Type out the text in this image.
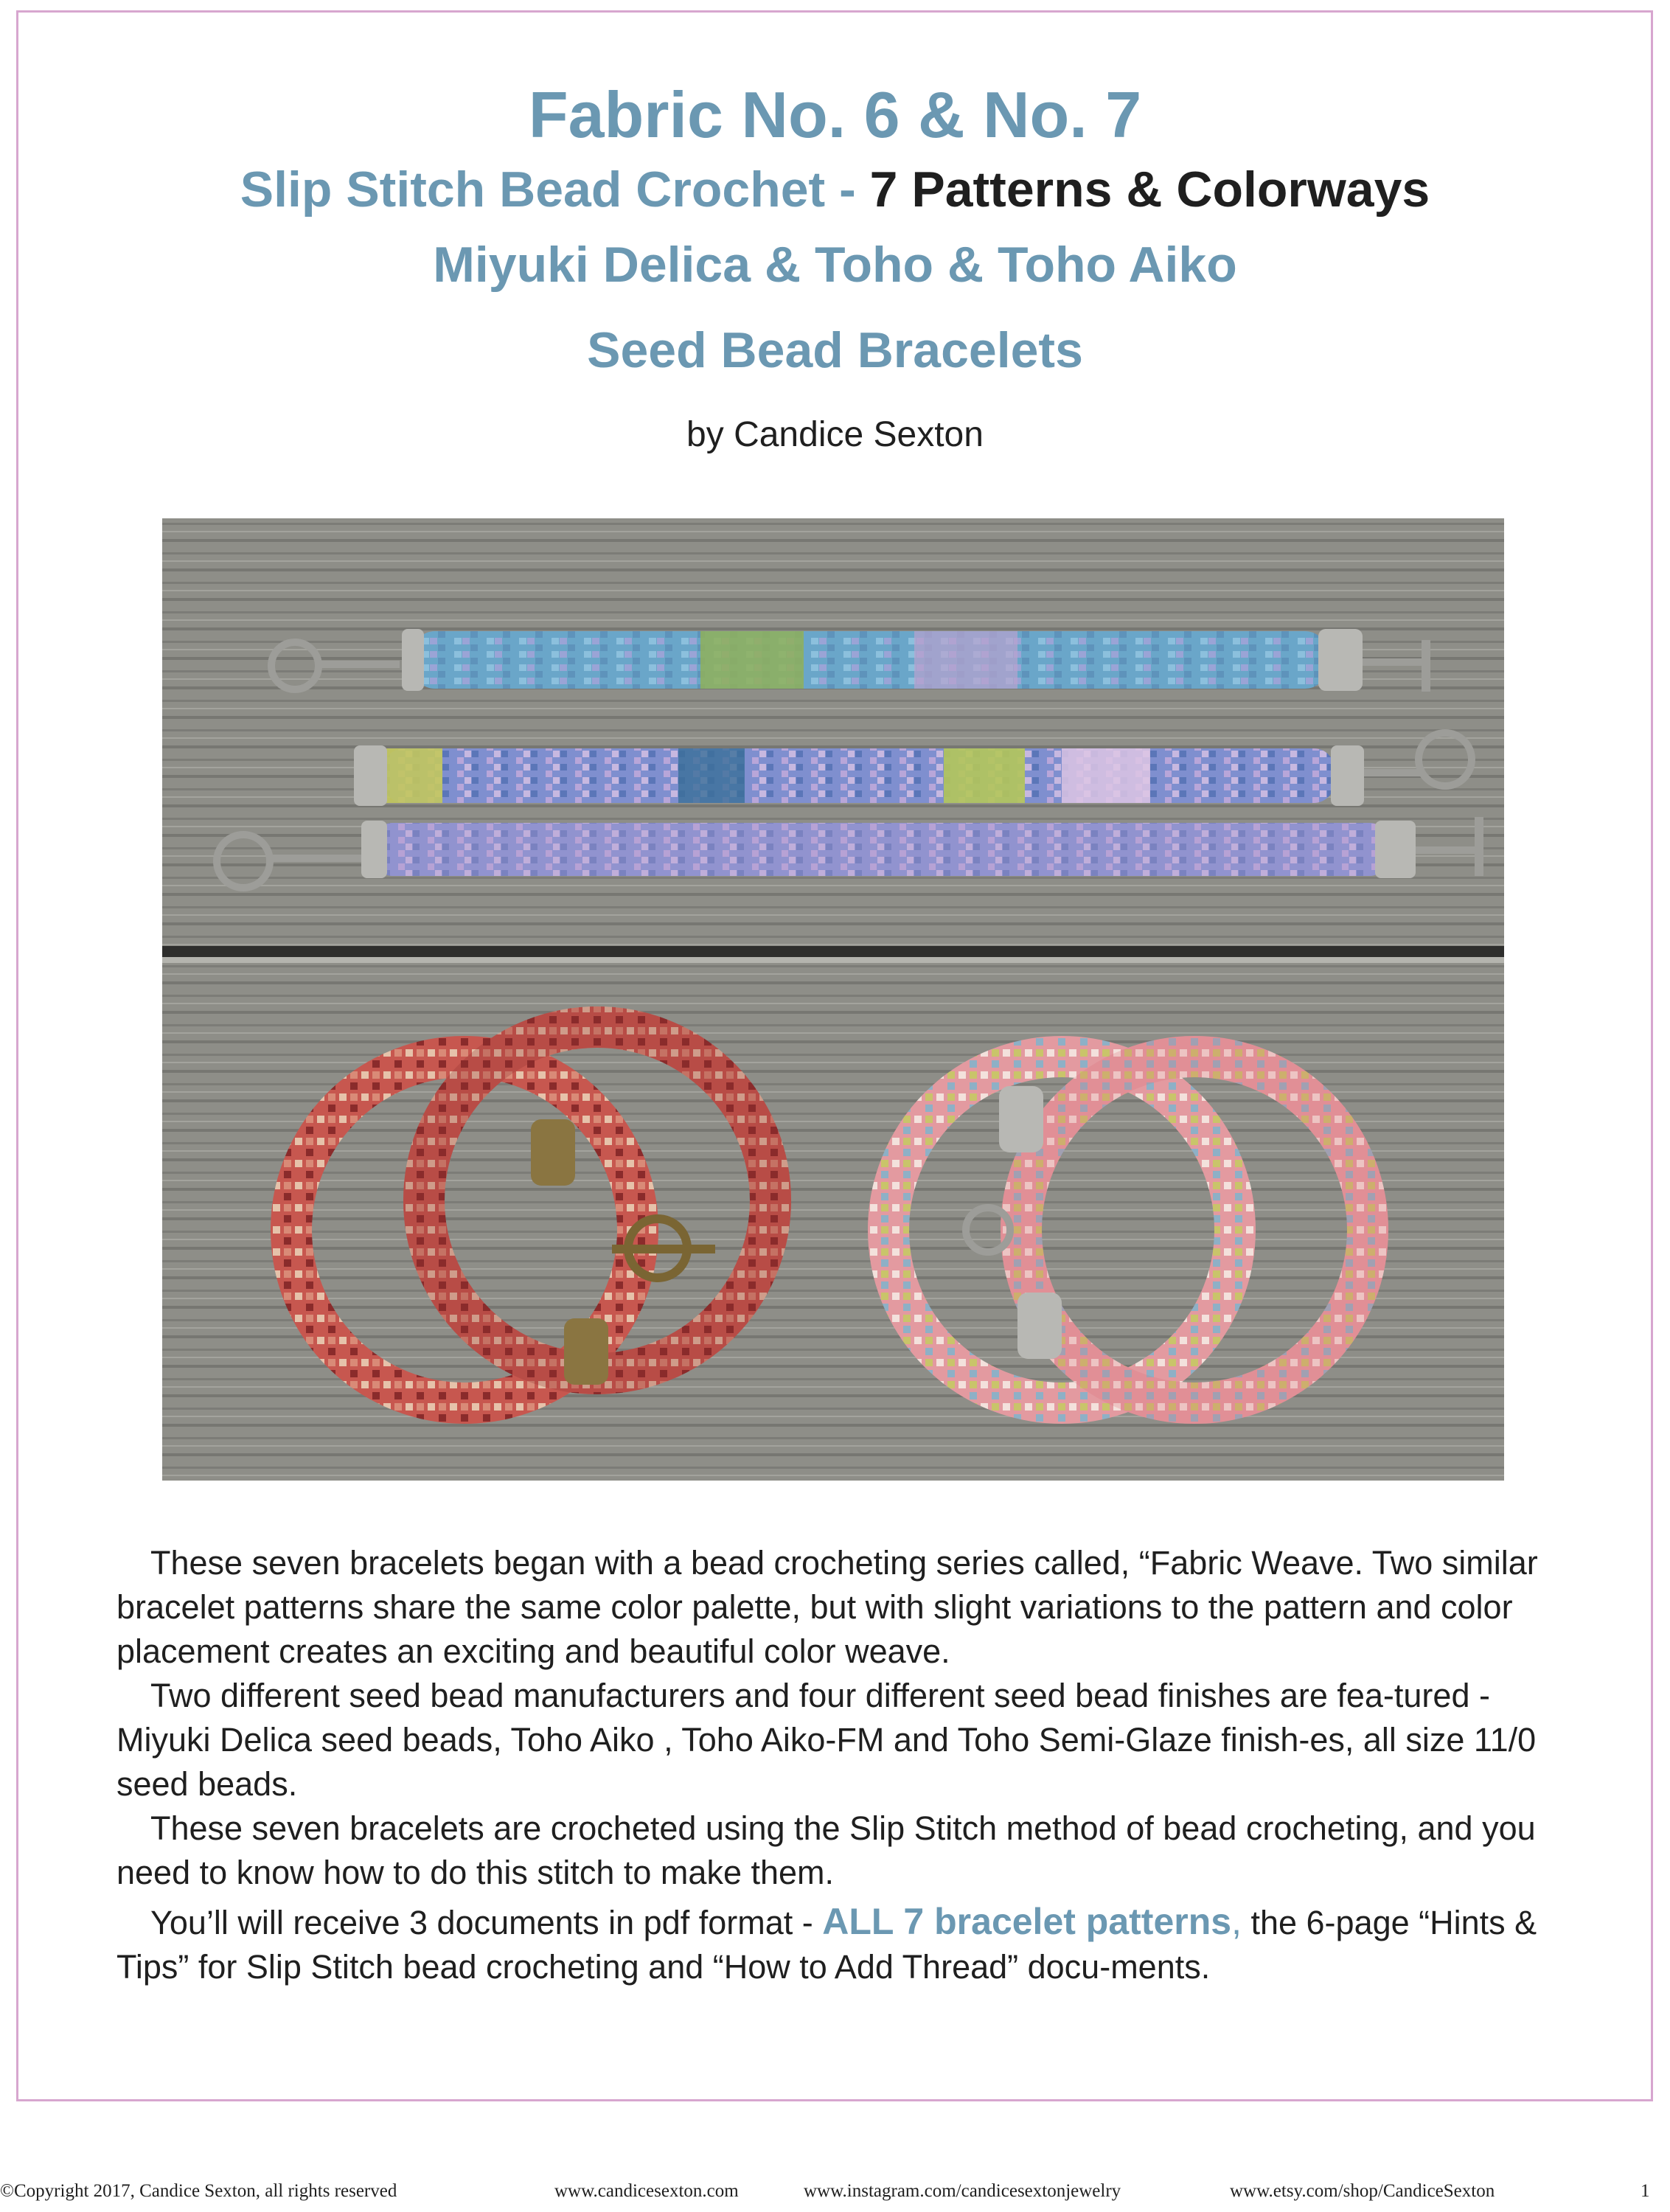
Fabric No. 6 & No. 7
Slip Stitch Bead Crochet - 7 Patterns & Colorways
Miyuki Delica & Toho & Toho Aiko
Seed Bead Bracelets
by Candice Sexton

These seven bracelets began with a bead crocheting series called, “Fabric Weave. Two similar bracelet patterns share the same color palette, but with slight variations to the pattern and color placement creates an exciting and beautiful color weave.

Two different seed bead manufacturers and four different seed bead finishes are fea-tured - Miyuki Delica seed beads, Toho Aiko , Toho Aiko-FM and Toho Semi-Glaze finish-es, all size 11/0 seed beads.

These seven bracelets are crocheted using the Slip Stitch method of bead crocheting, and you need to know how to do this stitch to make them.

You’ll will receive 3 documents in pdf format - ALL 7 bracelet patterns, the 6-page “Hints & Tips” for Slip Stitch bead crocheting and “How to Add Thread” docu-ments.

©Copyright 2017, Candice Sexton, all rights reserved	www.candicesexton.com	www.instagram.com/candicesextonjewelry	www.etsy.com/shop/CandiceSexton	1
